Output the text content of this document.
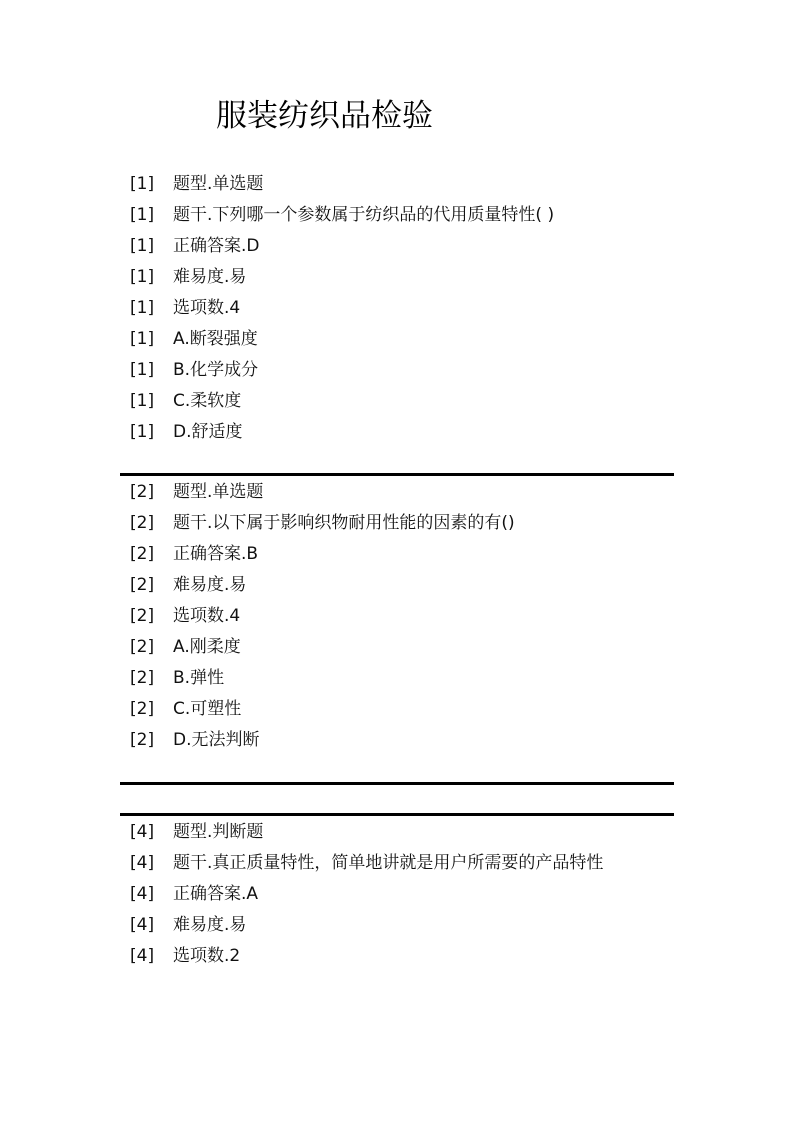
服装纺织品检验
[1] 题型.单选题
[1] 题干.下列哪一个参数属于纺织品的代用质量特性( )
[1] 正确答案.D
[1] 难易度.易
[1] 选项数.4
[1] A.断裂强度
[1] B.化学成分
[1] C.柔软度
[1] D.舒适度
[2] 题型.单选题
[2] 题干.以下属于影响织物耐用性能的因素的有()
[2] 正确答案.B
[2] 难易度.易
[2] 选项数.4
[2] A.刚柔度
[2] B.弹性
[2] C.可塑性
[2] D.无法判断
[4] 题型.判断题
[4] 题干.真正质量特性，简单地讲就是用户所需要的产品特性
[4] 正确答案.A
[4] 难易度.易
[4] 选项数.2
